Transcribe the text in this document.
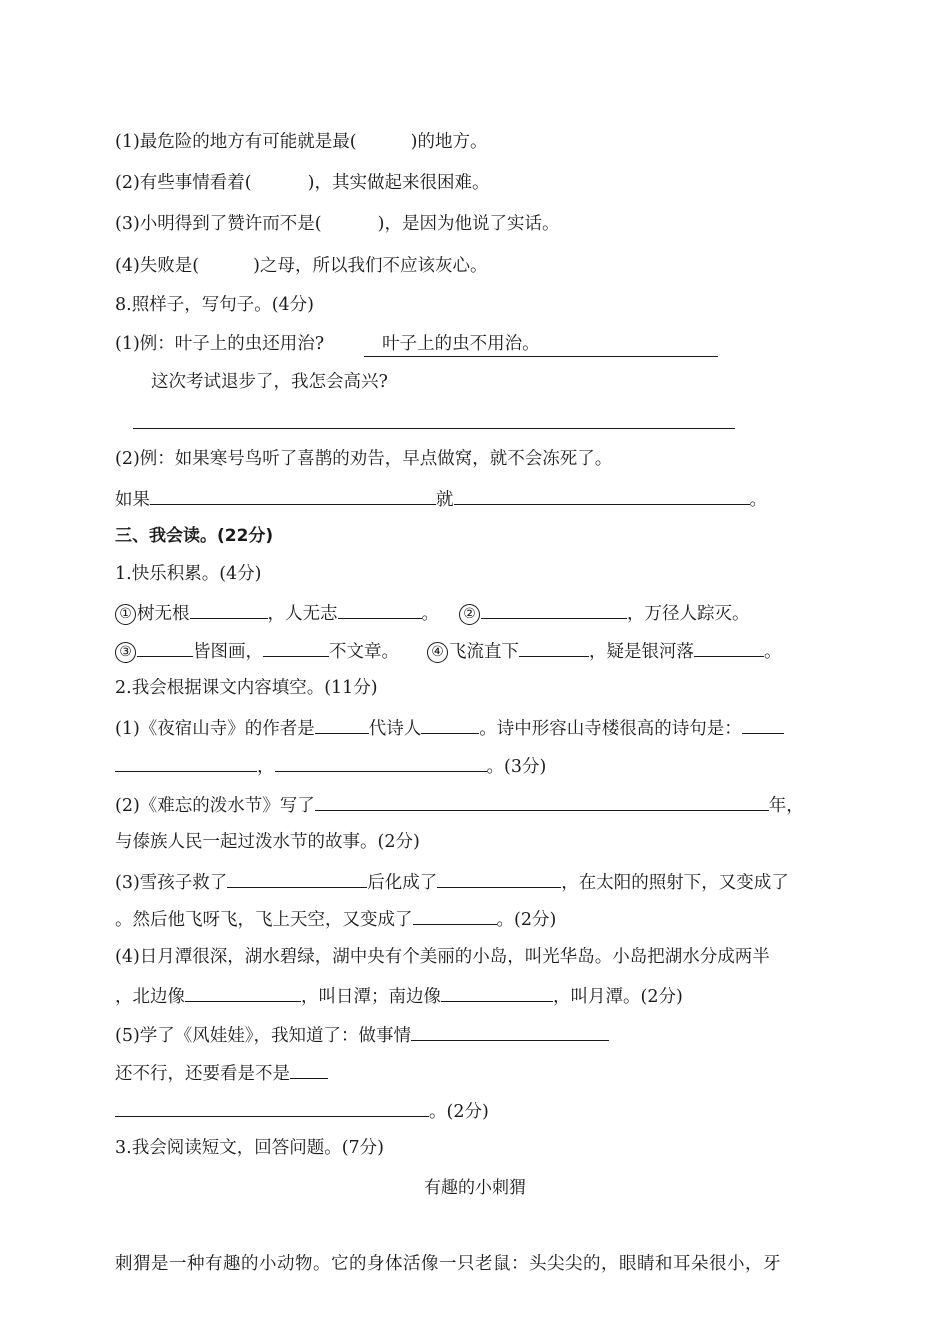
(1)最危险的地方有可能就是最(	)的地方。
(2)有些事情看着(	)，其实做起来很困难。
(3)小明得到了赞许而不是(	)，是因为他说了实话。
(4)失败是(	)之母，所以我们不应该灰心。
8.照样子，写句子。(4分)
(1)例：叶子上的虫还用治?	叶子上的虫不用治。
这次考试退步了，我怎会高兴?
(2)例：如果寒号鸟听了喜鹊的劝告，早点做窝，就不会冻死了。
如果	就	。
三、我会读。(22分)
1.快乐积累。(4分)
① 树无根	，人无志	。 ②	，万径人踪灭。
③	皆图画，	不文章。 ④ 飞流直下	，疑是银河落	。
2.我会根据课文内容填空。(11分)
(1)《夜宿山寺》的作者是	代诗人	。诗中形容山寺楼很高的诗句是：
，	。(3分)
(2)《难忘的泼水节》写了	年，
与傣族人民一起过泼水节的故事。(2分)
(3)雪孩子救了	后化成了	，在太阳的照射下，又变成了
。然后他飞呀飞，飞上天空，又变成了	。(2分)
(4)日月潭很深，湖水碧绿，湖中央有个美丽的小岛，叫光华岛。小岛把湖水分成两半
，北边像	，叫日潭；南边像	，叫月潭。(2分)
(5)学了《风娃娃》，我知道了：做事情
还不行，还要看是不是
。(2分)
3.我会阅读短文，回答问题。(7分)
有趣的小刺猬
刺猬是一种有趣的小动物。它的身体活像一只老鼠：头尖尖的，眼睛和耳朵很小，牙
